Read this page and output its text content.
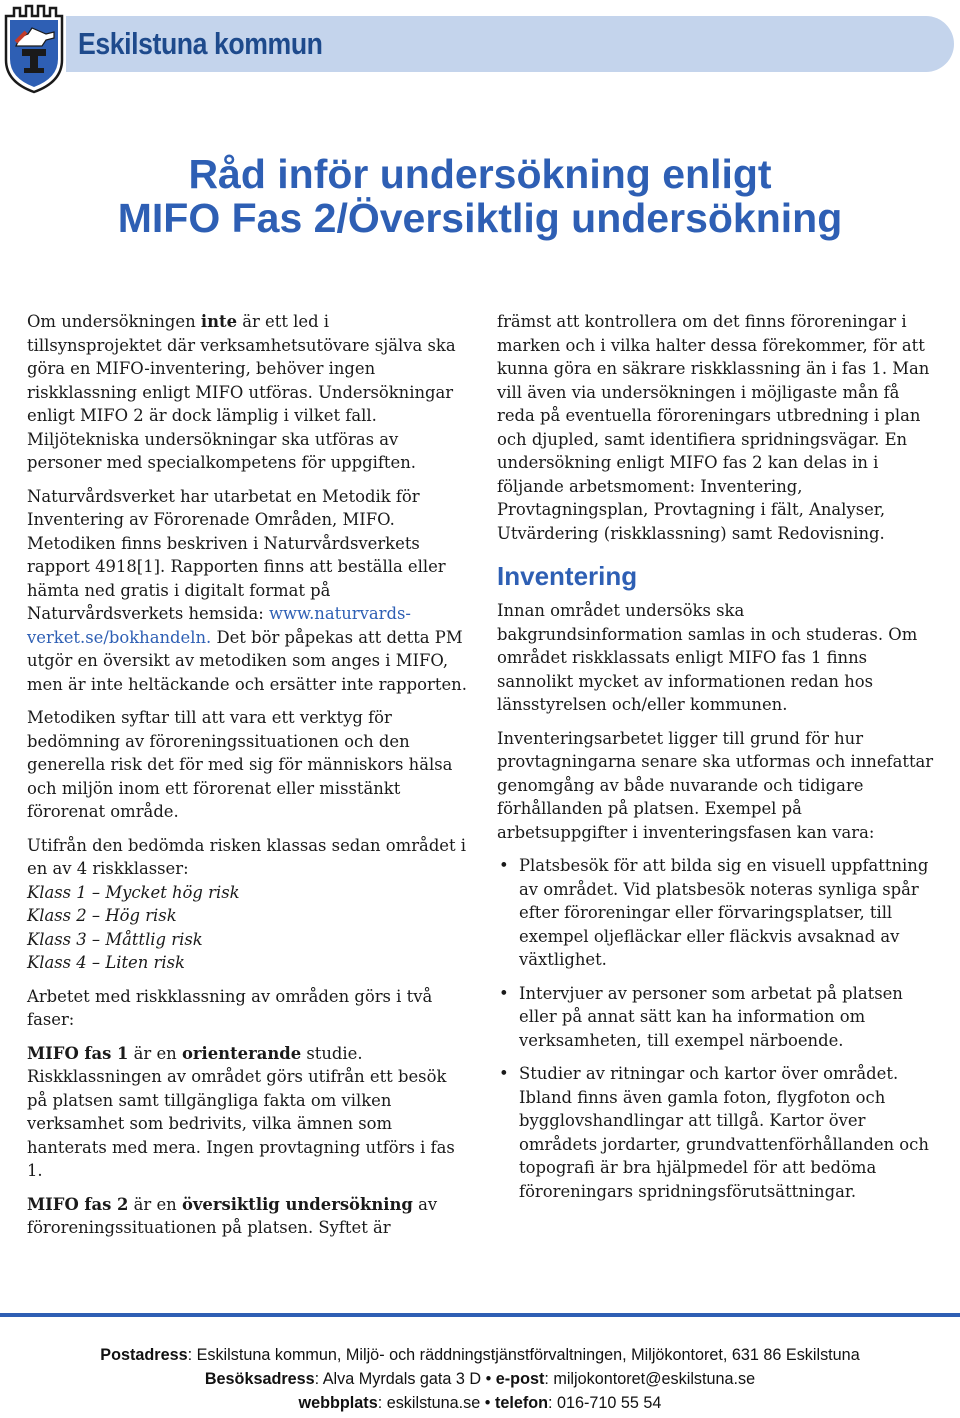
Eskilstuna kommun
Råd inför undersökning enligt
MIFO Fas 2/Översiktlig undersökning

Om undersökningen inte är ett led i tillsynsprojektet där verksamhetsutövare själva ska göra en MIFO-inventering, behöver ingen riskklassning enligt MIFO utföras. Undersökningar enligt MIFO 2 är dock lämplig i vilket fall. Miljötekniska undersökningar ska utföras av personer med specialkompetens för uppgiften.

Naturvårdsverket har utarbetat en Metodik för Inventering av Förorenade Områden, MIFO. Metodiken finns beskriven i Naturvårdsverkets rapport 4918[1]. Rapporten finns att beställa eller hämta ned gratis i digitalt format på Naturvårdsverkets hemsida: www.naturvards-verket.se/bokhandeln. Det bör påpekas att detta PM utgör en översikt av metodiken som anges i MIFO, men är inte heltäckande och ersätter inte rapporten.

Metodiken syftar till att vara ett verktyg för bedömning av föroreningssituationen och den generella risk det för med sig för människors hälsa och miljön inom ett förorenat eller misstänkt förorenat område.

Utifrån den bedömda risken klassas sedan området i en av 4 riskklasser:

Klass 1 – Mycket hög risk
Klass 2 – Hög risk
Klass 3 – Måttlig risk
Klass 4 – Liten risk

Arbetet med riskklassning av områden görs i två faser:

MIFO fas 1 är en orienterande studie. Riskklassningen av området görs utifrån ett besök på platsen samt tillgängliga fakta om vilken verksamhet som bedrivits, vilka ämnen som hanterats med mera. Ingen provtagning utförs i fas 1.

MIFO fas 2 är en översiktlig undersökning av föroreningssituationen på platsen. Syftet är

främst att kontrollera om det finns föroreningar i marken och i vilka halter dessa förekommer, för att kunna göra en säkrare riskklassning än i fas 1. Man vill även via undersökningen i möjligaste mån få reda på eventuella föroreningars utbredning i plan och djupled, samt identifiera spridningsvägar. En undersökning enligt MIFO fas 2 kan delas in i följande arbetsmoment: Inventering, Provtagningsplan, Provtagning i fält, Analyser, Utvärdering (riskklassning) samt Redovisning.

Inventering

Innan området undersöks ska bakgrundsinformation samlas in och studeras. Om området riskklassats enligt MIFO fas 1 finns sannolikt mycket av informationen redan hos länsstyrelsen och/eller kommunen.

Inventeringsarbetet ligger till grund för hur provtagningarna senare ska utformas och innefattar genomgång av både nuvarande och tidigare förhållanden på platsen. Exempel på arbetsuppgifter i inventeringsfasen kan vara:

• Platsbesök för att bilda sig en visuell uppfattning av området. Vid platsbesök noteras synliga spår efter föroreningar eller förvaringsplatser, till exempel oljefläckar eller fläckvis avsaknad av växtlighet.
• Intervjuer av personer som arbetat på platsen eller på annat sätt kan ha information om verksamheten, till exempel närboende.
• Studier av ritningar och kartor över området. Ibland finns även gamla foton, flygfoton och bygglovshandlingar att tillgå. Kartor över områdets jordarter, grundvattenförhållanden och topografi är bra hjälpmedel för att bedöma föroreningars spridningsförutsättningar.
Postadress: Eskilstuna kommun, Miljö- och räddningstjänstförvaltningen, Miljökontoret, 631 86 Eskilstuna
Besöksadress: Alva Myrdals gata 3 D • e-post: miljokontoret@eskilstuna.se
webbplats: eskilstuna.se • telefon: 016-710 55 54
